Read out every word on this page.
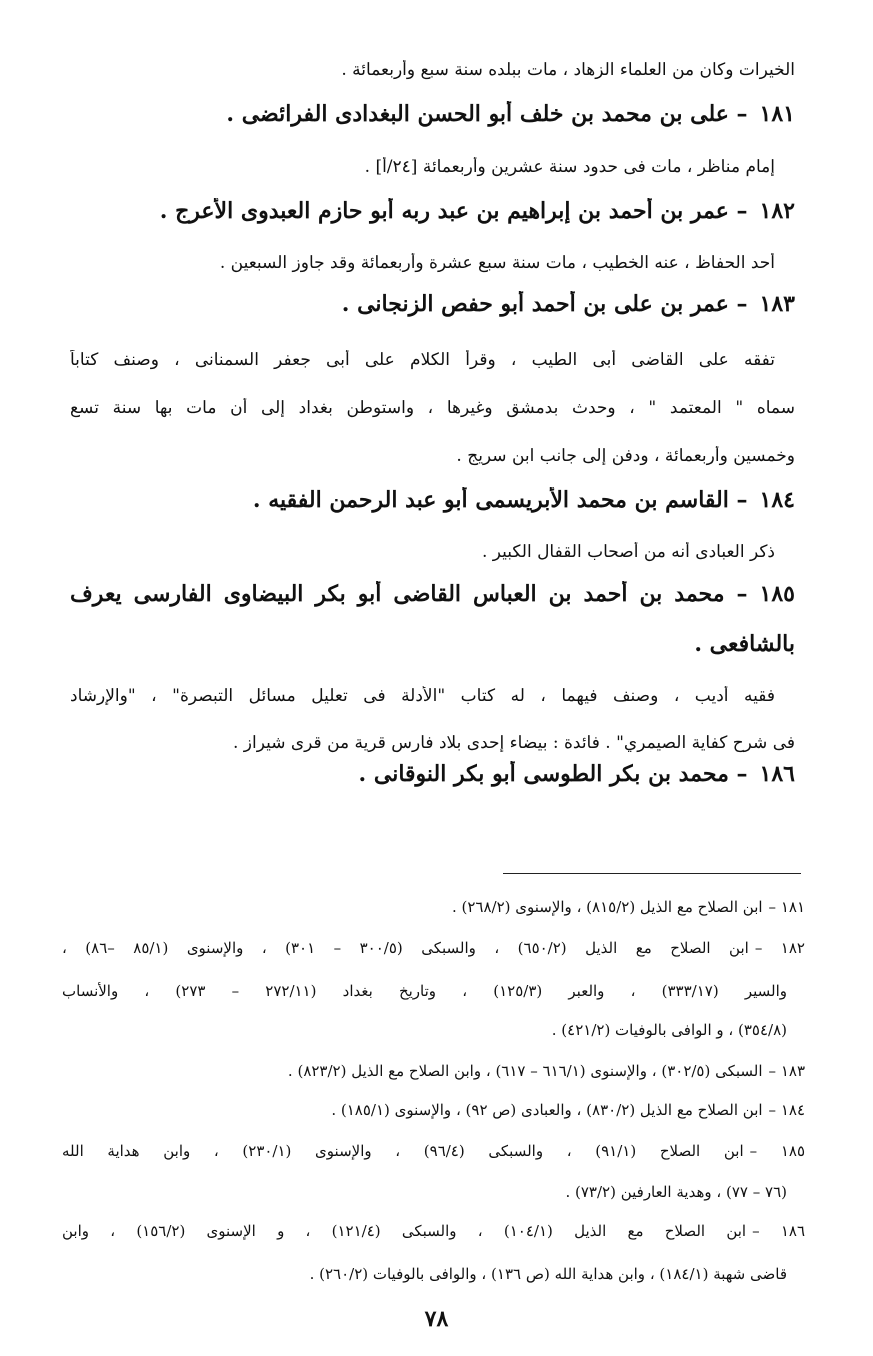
الخيرات وكان من العلماء الزهاد ، مات ببلده سنة سبع وأربعمائة .
١٨١– على بن محمد بن خلف أبو الحسن البغدادى الفرائضى .
إمام مناظر ، مات فى حدود سنة عشرين وأربعمائة [٢٤/أ] .
١٨٢– عمر بن أحمد بن إبراهيم بن عبد ربه أبو حازم العبدوى الأعرج .
أحد الحفاظ ، عنه الخطيب ، مات سنة سبع عشرة وأربعمائة وقد جاوز السبعين .
١٨٣– عمر بن على بن أحمد أبو حفص الزنجانى .
تفقه على القاضى أبى الطيب ، وقرأ الكلام على أبى جعفر السمنانى ، وصنف كتاباً
سماه " المعتمد " ، وحدث بدمشق وغيرها ، واستوطن بغداد إلى أن مات بها سنة تسع
وخمسين وأربعمائة ، ودفن إلى جانب ابن سريج .
١٨٤– القاسم بن محمد الأبريسمى أبو عبد الرحمن الفقيه .
ذكر العبادى أنه من أصحاب القفال الكبير .
١٨٥– محمد بن أحمد بن العباس القاضى أبو بكر البيضاوى الفارسى يعرف
بالشافعى .
فقيه أديب ، وصنف فيهما ، له كتاب "الأدلة فى تعليل مسائل التبصرة" ، "والإرشاد
فى شرح كفاية الصيمري" . فائدة : بيضاء إحدى بلاد فارس قرية من قرى شيراز .
١٨٦– محمد بن بكر الطوسى أبو بكر النوقانى .
١٨١ –ابن الصلاح مع الذيل (٨١٥/٢) ، والإسنوى (٢٦٨/٢) .
١٨٢ –ابن الصلاح مع الذيل (٦٥٠/٢) ، والسبكى (٣٠٠/٥ – ٣٠١) ، والإسنوى (٨٥/١ –٨٦) ،
والسير (٣٣٣/١٧) ، والعبر (١٢٥/٣) ، وتاريخ بغداد (٢٧٢/١١ – ٢٧٣) ، والأنساب
(٣٥٤/٨) ، و الوافى بالوفيات (٤٢١/٢) .
١٨٣ –السبكى (٣٠٢/٥) ، والإسنوى (٦١٦/١ – ٦١٧) ، وابن الصلاح مع الذيل (٨٢٣/٢) .
١٨٤ –ابن الصلاح مع الذيل (٨٣٠/٢) ، والعبادى (ص ٩٢) ، والإسنوى (١٨٥/١) .
١٨٥ –ابن الصلاح (٩١/١) ، والسبكى (٩٦/٤) ، والإسنوى (٢٣٠/١) ، وابن هداية الله
(٧٦ – ٧٧) ، وهدية العارفين (٧٣/٢) .
١٨٦ –ابن الصلاح مع الذيل (١٠٤/١) ، والسبكى (١٢١/٤) ، و الإسنوى (١٥٦/٢) ، وابن
قاضى شهبة (١٨٤/١) ، وابن هداية الله (ص ١٣٦) ، والوافى بالوفيات (٢٦٠/٢) .
٧٨
